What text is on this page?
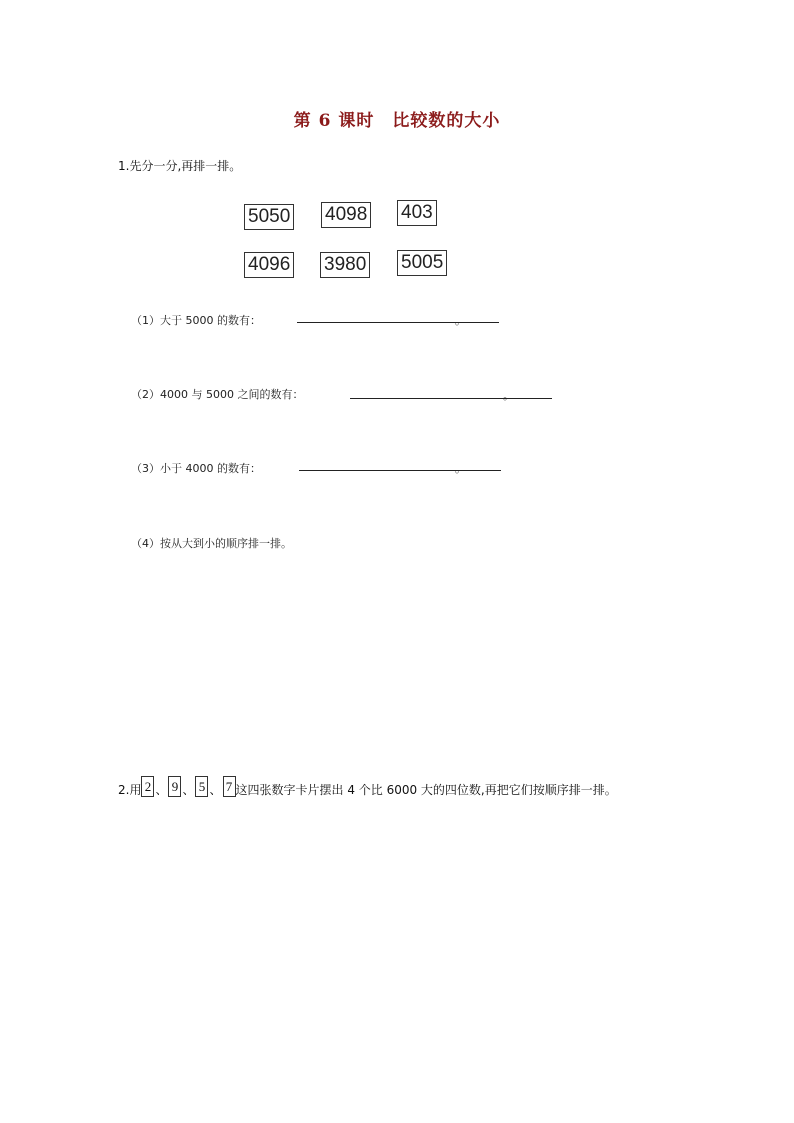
第 6 课时　比较数的大小
1.先分一分,再排一排。
5050 4098 403
4096 3980 5005
（1）大于 5000 的数有：	。
（2）4000 与 5000 之间的数有：	。
（3）小于 4000 的数有：	。
（4）按从大到小的顺序排一排。
2.用 2 、 9 、 5 、 7 这四张数字卡片摆出 4 个比 6000 大的四位数,再把它们按顺序排一排。
